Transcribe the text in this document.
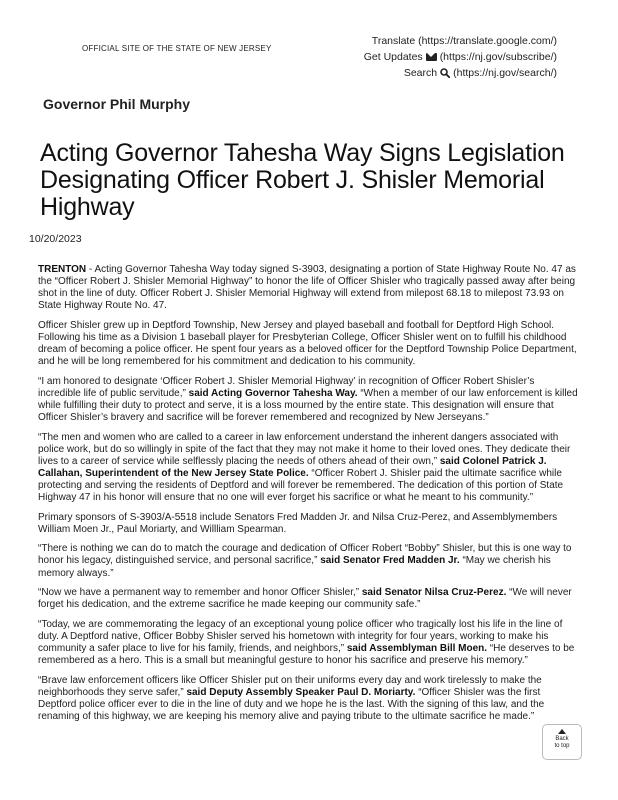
OFFICIAL SITE OF THE STATE OF NEW JERSEY
Translate (https://translate.google.com/)
Get Updates (https://nj.gov/subscribe/)
Search (https://nj.gov/search/)
Governor Phil Murphy
Acting Governor Tahesha Way Signs Legislation Designating Officer Robert J. Shisler Memorial Highway
10/20/2023

TRENTON - Acting Governor Tahesha Way today signed S-3903, designating a portion of State Highway Route No. 47 as the “Officer Robert J. Shisler Memorial Highway” to honor the life of Officer Shisler who tragically passed away after being shot in the line of duty. Officer Robert J. Shisler Memorial Highway will extend from milepost 68.18 to milepost 73.93 on State Highway Route No. 47.

Officer Shisler grew up in Deptford Township, New Jersey and played baseball and football for Deptford High School. Following his time as a Division 1 baseball player for Presbyterian College, Officer Shisler went on to fulfill his childhood dream of becoming a police officer. He spent four years as a beloved officer for the Deptford Township Police Department, and he will be long remembered for his commitment and dedication to his community.

“I am honored to designate ‘Officer Robert J. Shisler Memorial Highway’ in recognition of Officer Robert Shisler’s incredible life of public servitude,” said Acting Governor Tahesha Way. “When a member of our law enforcement is killed while fulfilling their duty to protect and serve, it is a loss mourned by the entire state. This designation will ensure that Officer Shisler’s bravery and sacrifice will be forever remembered and recognized by New Jerseyans.”

“The men and women who are called to a career in law enforcement understand the inherent dangers associated with police work, but do so willingly in spite of the fact that they may not make it home to their loved ones. They dedicate their lives to a career of service while selflessly placing the needs of others ahead of their own,” said Colonel Patrick J. Callahan, Superintendent of the New Jersey State Police. “Officer Robert J. Shisler paid the ultimate sacrifice while protecting and serving the residents of Deptford and will forever be remembered. The dedication of this portion of State Highway 47 in his honor will ensure that no one will ever forget his sacrifice or what he meant to his community.”

Primary sponsors of S-3903/A-5518 include Senators Fred Madden Jr. and Nilsa Cruz-Perez, and Assemblymembers William Moen Jr., Paul Moriarty, and Willliam Spearman.

“There is nothing we can do to match the courage and dedication of Officer Robert “Bobby” Shisler, but this is one way to honor his legacy, distinguished service, and personal sacrifice,” said Senator Fred Madden Jr. “May we cherish his memory always.”

“Now we have a permanent way to remember and honor Officer Shisler,” said Senator Nilsa Cruz-Perez. “We will never forget his dedication, and the extreme sacrifice he made keeping our community safe.”

“Today, we are commemorating the legacy of an exceptional young police officer who tragically lost his life in the line of duty. A Deptford native, Officer Bobby Shisler served his hometown with integrity for four years, working to make his community a safer place to live for his family, friends, and neighbors,” said Assemblyman Bill Moen. “He deserves to be remembered as a hero. This is a small but meaningful gesture to honor his sacrifice and preserve his memory.”

“Brave law enforcement officers like Officer Shisler put on their uniforms every day and work tirelessly to make the neighborhoods they serve safer,” said Deputy Assembly Speaker Paul D. Moriarty. “Officer Shisler was the first Deptford police officer ever to die in the line of duty and we hope he is the last. With the signing of this law, and the renaming of this highway, we are keeping his memory alive and paying tribute to the ultimate sacrifice he made.”

Back
to top
